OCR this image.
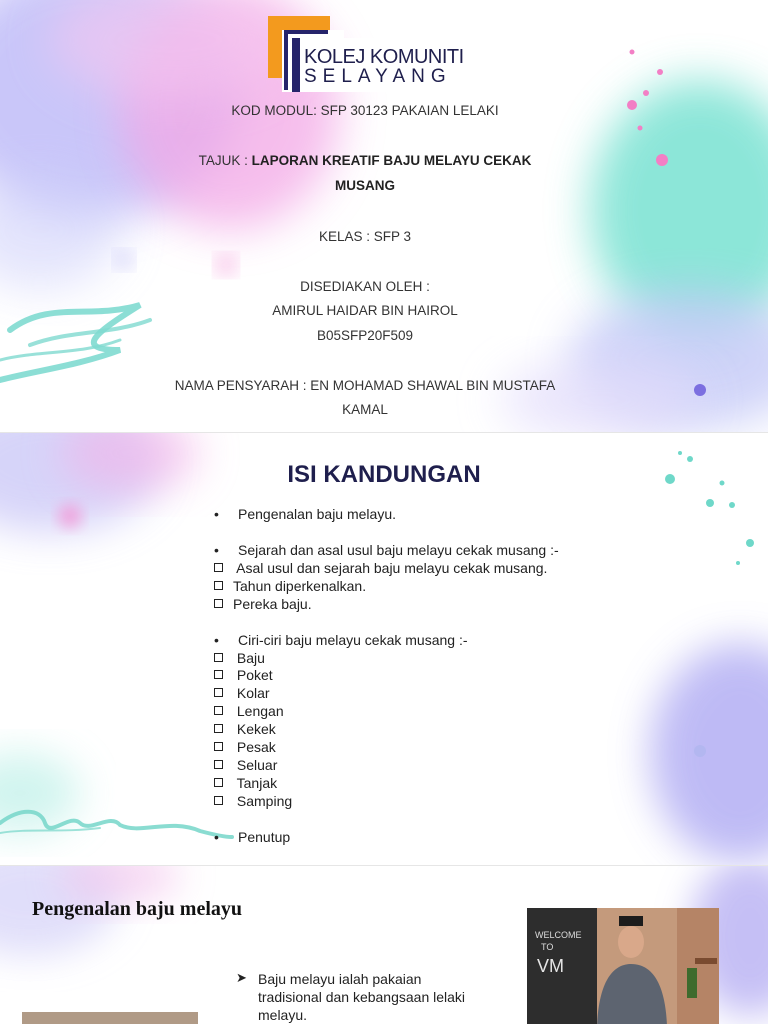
KOLEJ KOMUNITI
SELAYANG
KOD MODUL: SFP 30123 PAKAIAN LELAKI
TAJUK : LAPORAN KREATIF BAJU MELAYU CEKAK
MUSANG
KELAS : SFP 3
DISEDIAKAN OLEH :
AMIRUL HAIDAR BIN HAIROL
B05SFP20F509
NAMA PENSYARAH : EN MOHAMAD SHAWAL BIN MUSTAFA
KAMAL
ISI KANDUNGAN
• Pengenalan baju melayu.
• Sejarah dan asal usul baju melayu cekak musang :-
Asal usul dan sejarah baju melayu cekak musang.
Tahun diperkenalkan.
Pereka baju.
• Ciri-ciri baju melayu cekak musang :-
Baju
Poket
Kolar
Lengan
Kekek
Pesak
Seluar
Tanjak
Samping
• Penutup
Pengenalan baju melayu
➤ Baju melayu ialah pakaian tradisional dan kebangsaan lelaki melayu.
WELCOME
TO
VM
